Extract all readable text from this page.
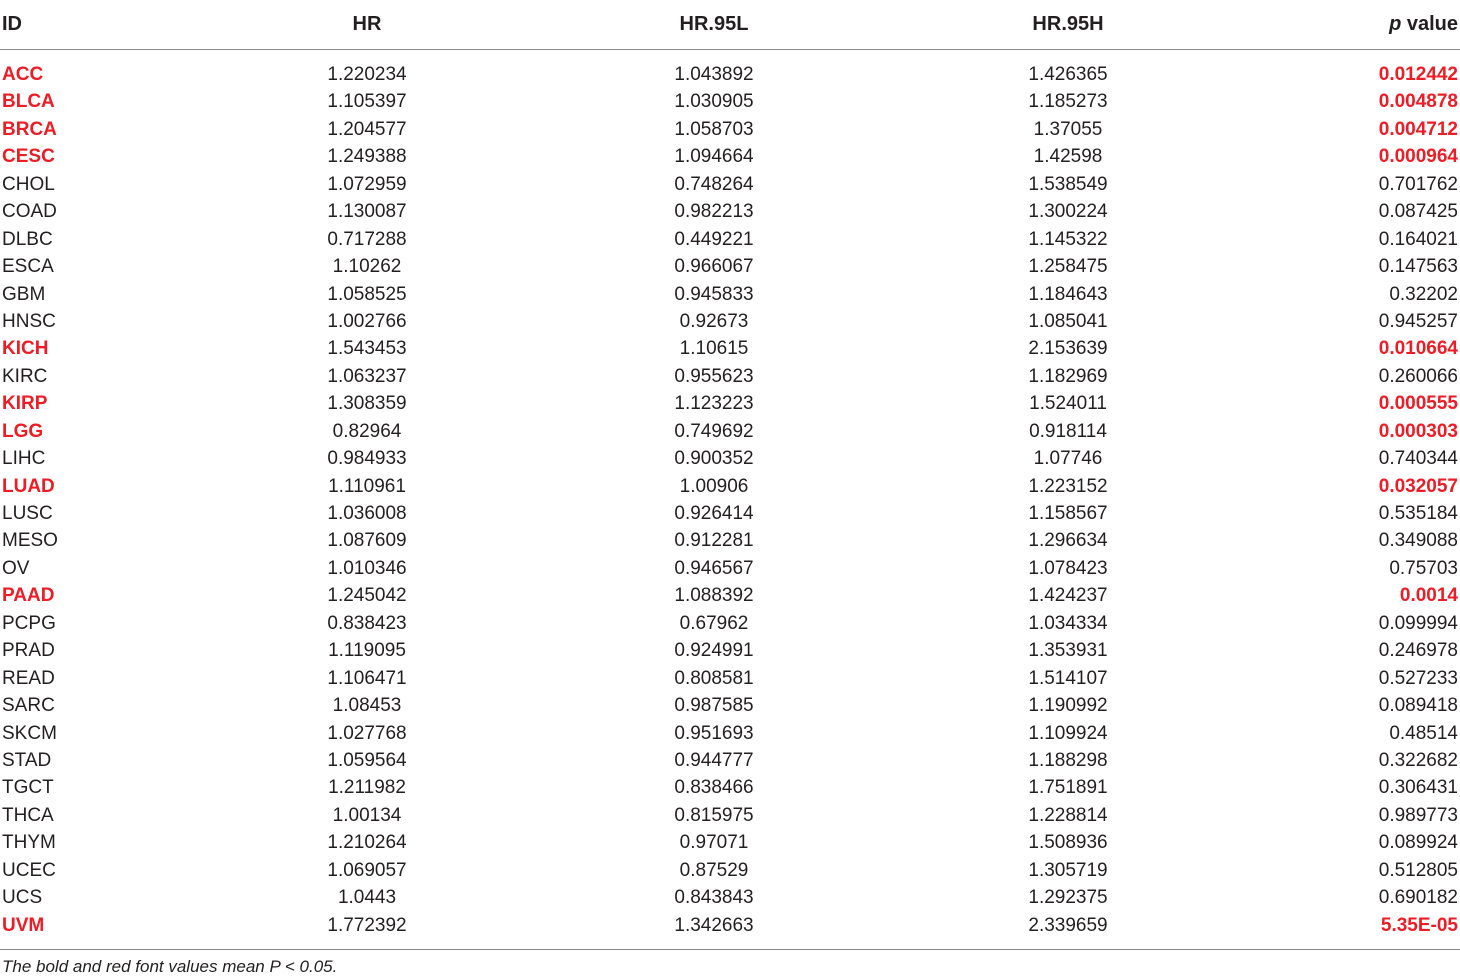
ID	HR	HR.95L	HR.95H	p value
ACC	1.220234	1.043892	1.426365	0.012442
BLCA	1.105397	1.030905	1.185273	0.004878
BRCA	1.204577	1.058703	1.37055	0.004712
CESC	1.249388	1.094664	1.42598	0.000964
CHOL	1.072959	0.748264	1.538549	0.701762
COAD	1.130087	0.982213	1.300224	0.087425
DLBC	0.717288	0.449221	1.145322	0.164021
ESCA	1.10262	0.966067	1.258475	0.147563
GBM	1.058525	0.945833	1.184643	0.32202
HNSC	1.002766	0.92673	1.085041	0.945257
KICH	1.543453	1.10615	2.153639	0.010664
KIRC	1.063237	0.955623	1.182969	0.260066
KIRP	1.308359	1.123223	1.524011	0.000555
LGG	0.82964	0.749692	0.918114	0.000303
LIHC	0.984933	0.900352	1.07746	0.740344
LUAD	1.110961	1.00906	1.223152	0.032057
LUSC	1.036008	0.926414	1.158567	0.535184
MESO	1.087609	0.912281	1.296634	0.349088
OV	1.010346	0.946567	1.078423	0.75703
PAAD	1.245042	1.088392	1.424237	0.0014
PCPG	0.838423	0.67962	1.034334	0.099994
PRAD	1.119095	0.924991	1.353931	0.246978
READ	1.106471	0.808581	1.514107	0.527233
SARC	1.08453	0.987585	1.190992	0.089418
SKCM	1.027768	0.951693	1.109924	0.48514
STAD	1.059564	0.944777	1.188298	0.322682
TGCT	1.211982	0.838466	1.751891	0.306431
THCA	1.00134	0.815975	1.228814	0.989773
THYM	1.210264	0.97071	1.508936	0.089924
UCEC	1.069057	0.87529	1.305719	0.512805
UCS	1.0443	0.843843	1.292375	0.690182
UVM	1.772392	1.342663	2.339659	5.35E-05
The bold and red font values mean P < 0.05.
